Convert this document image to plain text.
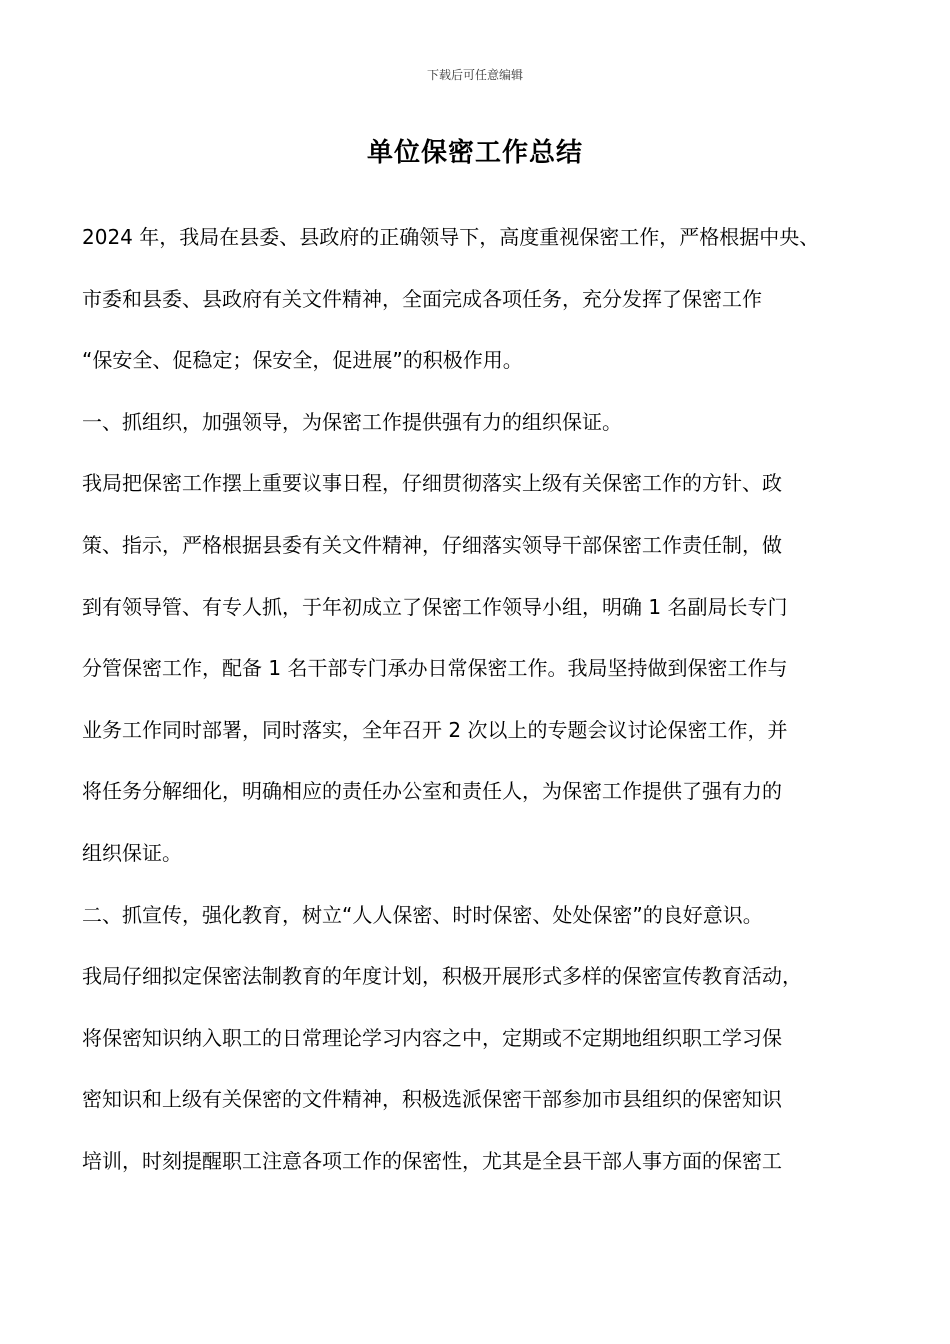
下载后可任意编辑
单位保密工作总结
2024 年，我局在县委、县政府的正确领导下，高度重视保密工作，严格根据中央、
市委和县委、县政府有关文件精神，全面完成各项任务，充分发挥了保密工作
“保安全、促稳定；保安全，促进展”的积极作用。
一、抓组织，加强领导，为保密工作提供强有力的组织保证。
我局把保密工作摆上重要议事日程，仔细贯彻落实上级有关保密工作的方针、政
策、指示，严格根据县委有关文件精神，仔细落实领导干部保密工作责任制，做
到有领导管、有专人抓，于年初成立了保密工作领导小组，明确 1 名副局长专门
分管保密工作，配备 1 名干部专门承办日常保密工作。我局坚持做到保密工作与
业务工作同时部署，同时落实，全年召开 2 次以上的专题会议讨论保密工作，并
将任务分解细化，明确相应的责任办公室和责任人，为保密工作提供了强有力的
组织保证。
二、抓宣传，强化教育，树立“人人保密、时时保密、处处保密”的良好意识。
我局仔细拟定保密法制教育的年度计划，积极开展形式多样的保密宣传教育活动，
将保密知识纳入职工的日常理论学习内容之中，定期或不定期地组织职工学习保
密知识和上级有关保密的文件精神，积极选派保密干部参加市县组织的保密知识
培训，时刻提醒职工注意各项工作的保密性，尤其是全县干部人事方面的保密工
